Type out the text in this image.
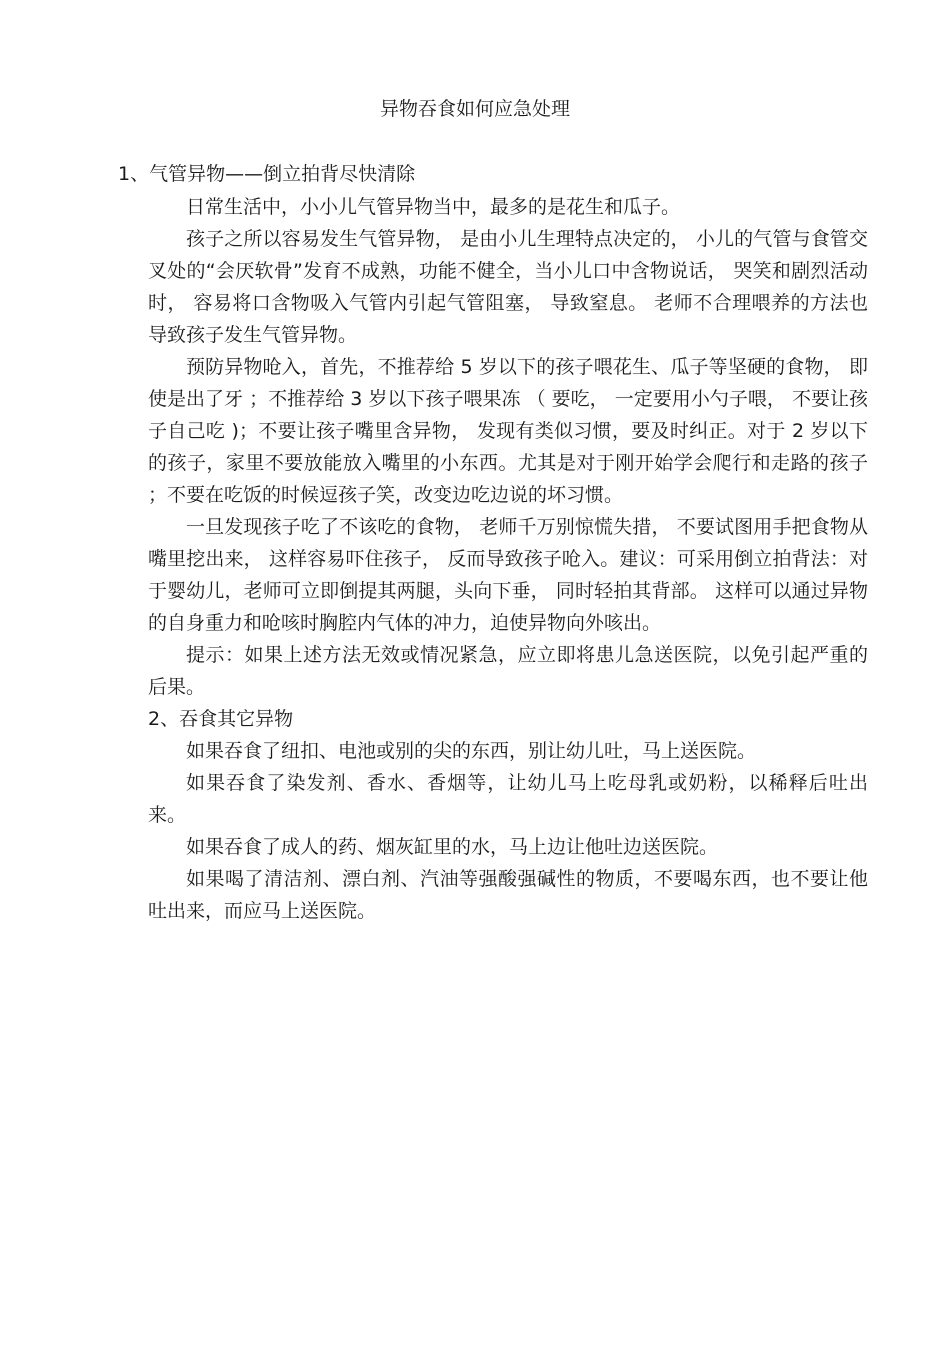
异物吞食如何应急处理
1、气管异物——倒立拍背尽快清除

日常生活中，小小儿气管异物当中，最多的是花生和瓜子。

孩子之所以容易发生气管异物， 是由小儿生理特点决定的， 小儿的气管与食管交叉处的“会厌软骨”发育不成熟，功能不健全，当小儿口中含物说话， 哭笑和剧烈活动时， 容易将口含物吸入气管内引起气管阻塞， 导致窒息。 老师不合理喂养的方法也导致孩子发生气管异物。

预防异物呛入，首先，不推荐给 5 岁以下的孩子喂花生、瓜子等坚硬的食物， 即使是出了牙 ；不推荐给 3 岁以下孩子喂果冻 （ 要吃， 一定要用小勺子喂， 不要让孩子自己吃 )；不要让孩子嘴里含异物， 发现有类似习惯，要及时纠正。对于 2 岁以下的孩子，家里不要放能放入嘴里的小东西。尤其是对于刚开始学会爬行和走路的孩子 ；不要在吃饭的时候逗孩子笑，改变边吃边说的坏习惯。

一旦发现孩子吃了不该吃的食物， 老师千万别惊慌失措， 不要试图用手把食物从嘴里挖出来， 这样容易吓住孩子， 反而导致孩子呛入。建议：可采用倒立拍背法：对于婴幼儿，老师可立即倒提其两腿，头向下垂， 同时轻拍其背部。 这样可以通过异物的自身重力和呛咳时胸腔内气体的冲力，迫使异物向外咳出。

提示：如果上述方法无效或情况紧急，应立即将患儿急送医院，以免引起严重的后果。

2、吞食其它异物

如果吞食了纽扣、电池或别的尖的东西，别让幼儿吐，马上送医院。

如果吞食了染发剂、香水、香烟等，让幼儿马上吃母乳或奶粉，以稀释后吐出来。

如果吞食了成人的药、烟灰缸里的水，马上边让他吐边送医院。

如果喝了清洁剂、漂白剂、汽油等强酸强碱性的物质，不要喝东西，也不要让他吐出来，而应马上送医院。
